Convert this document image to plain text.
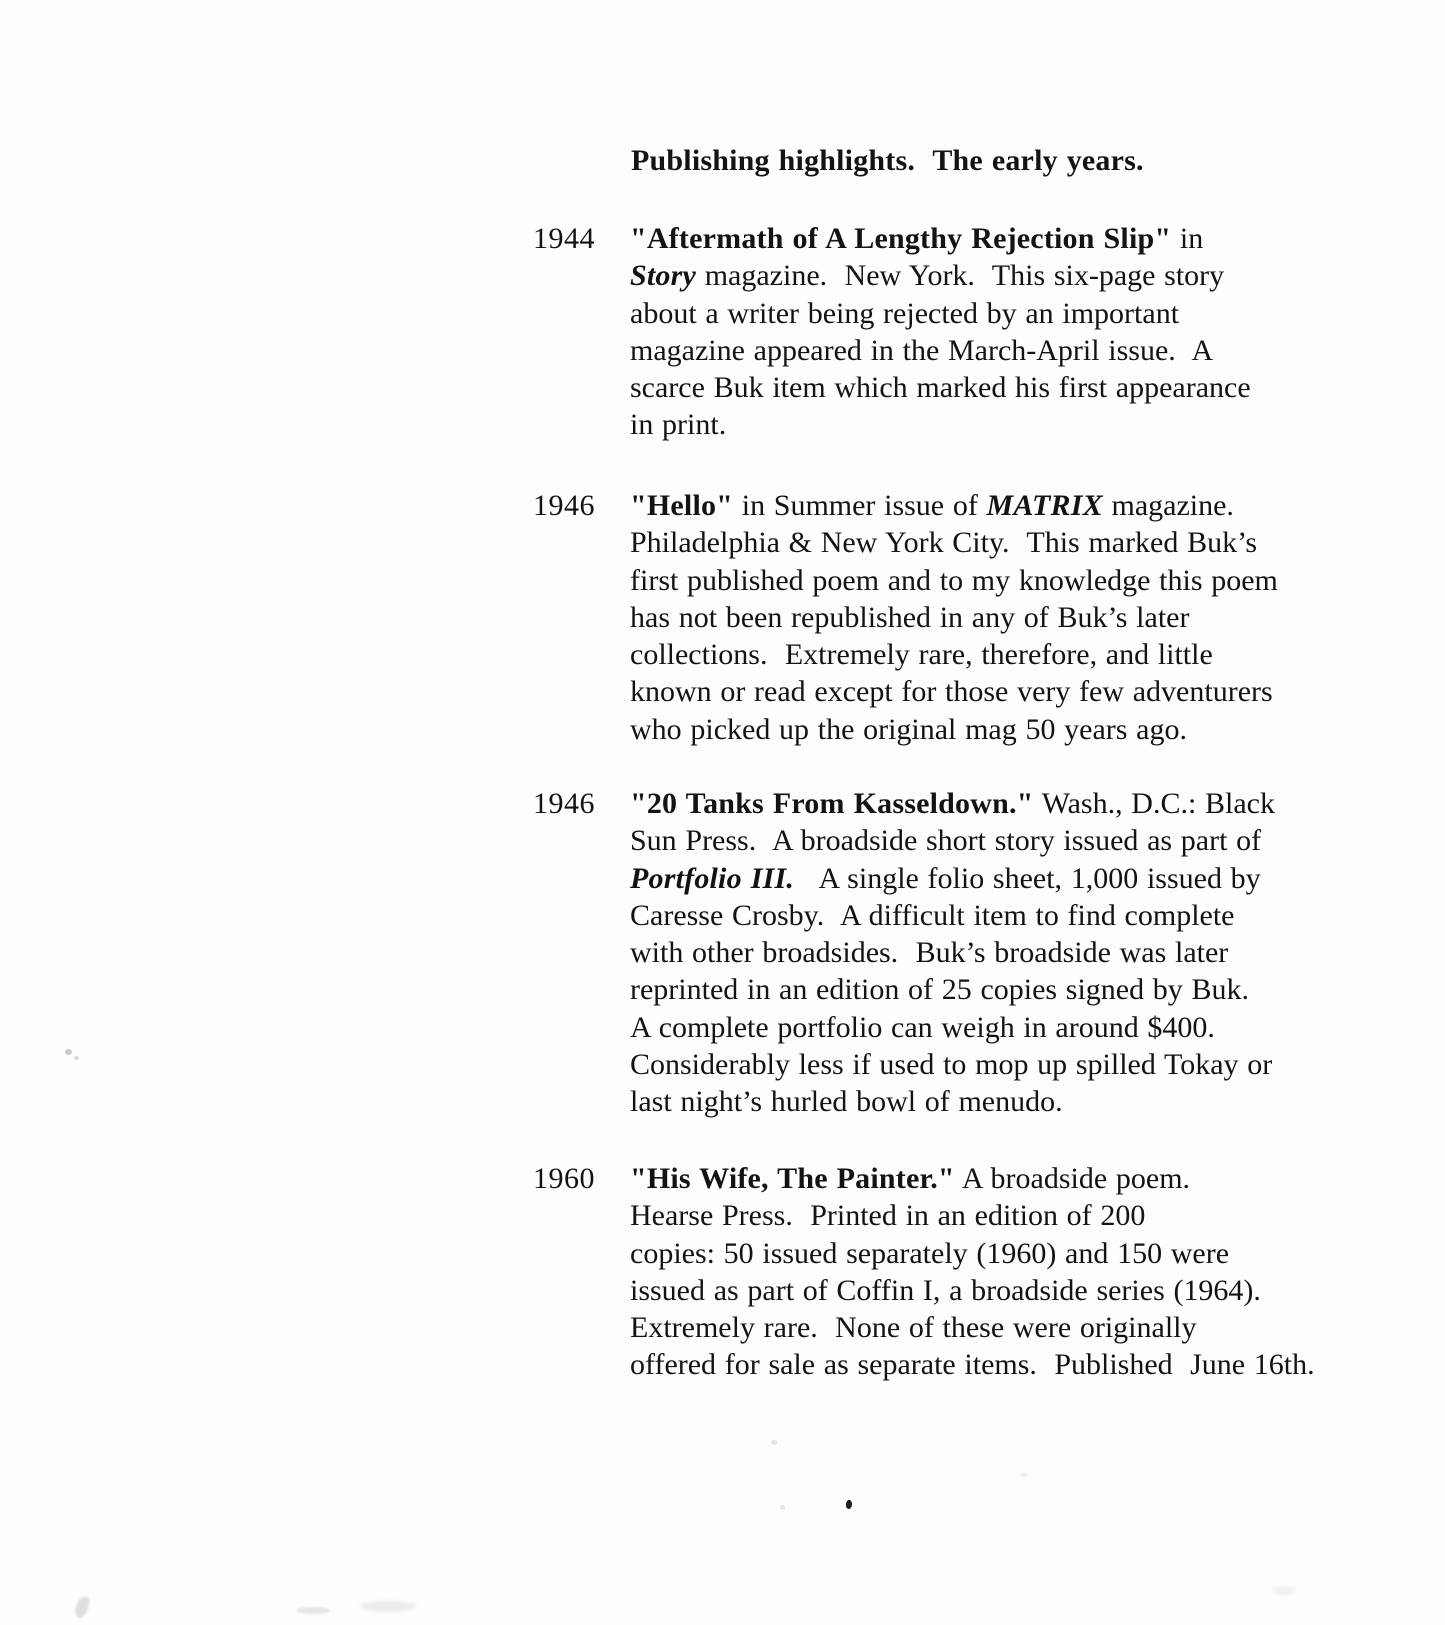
Publishing highlights.  The early years.
1944 "Aftermath of A Lengthy Rejection Slip" in
Story magazine.  New York.  This six-page story
about a writer being rejected by an important
magazine appeared in the March-April issue.  A
scarce Buk item which marked his first appearance
in print.
1946 "Hello" in Summer issue of MATRIX magazine.
Philadelphia & New York City.  This marked Buk’s
first published poem and to my knowledge this poem
has not been republished in any of Buk’s later
collections.  Extremely rare, therefore, and little
known or read except for those very few adventurers
who picked up the original mag 50 years ago.
1946 "20 Tanks From Kasseldown." Wash., D.C.: Black
Sun Press.  A broadside short story issued as part of
Portfolio III.   A single folio sheet, 1,000 issued by
Caresse Crosby.  A difficult item to find complete
with other broadsides.  Buk’s broadside was later
reprinted in an edition of 25 copies signed by Buk.
A complete portfolio can weigh in around $400.
Considerably less if used to mop up spilled Tokay or
last night’s hurled bowl of menudo.
1960 "His Wife, The Painter." A broadside poem.
Hearse Press.  Printed in an edition of 200
copies: 50 issued separately (1960) and 150 were
issued as part of Coffin I, a broadside series (1964).
Extremely rare.  None of these were originally
offered for sale as separate items.  Published  June 16th.
